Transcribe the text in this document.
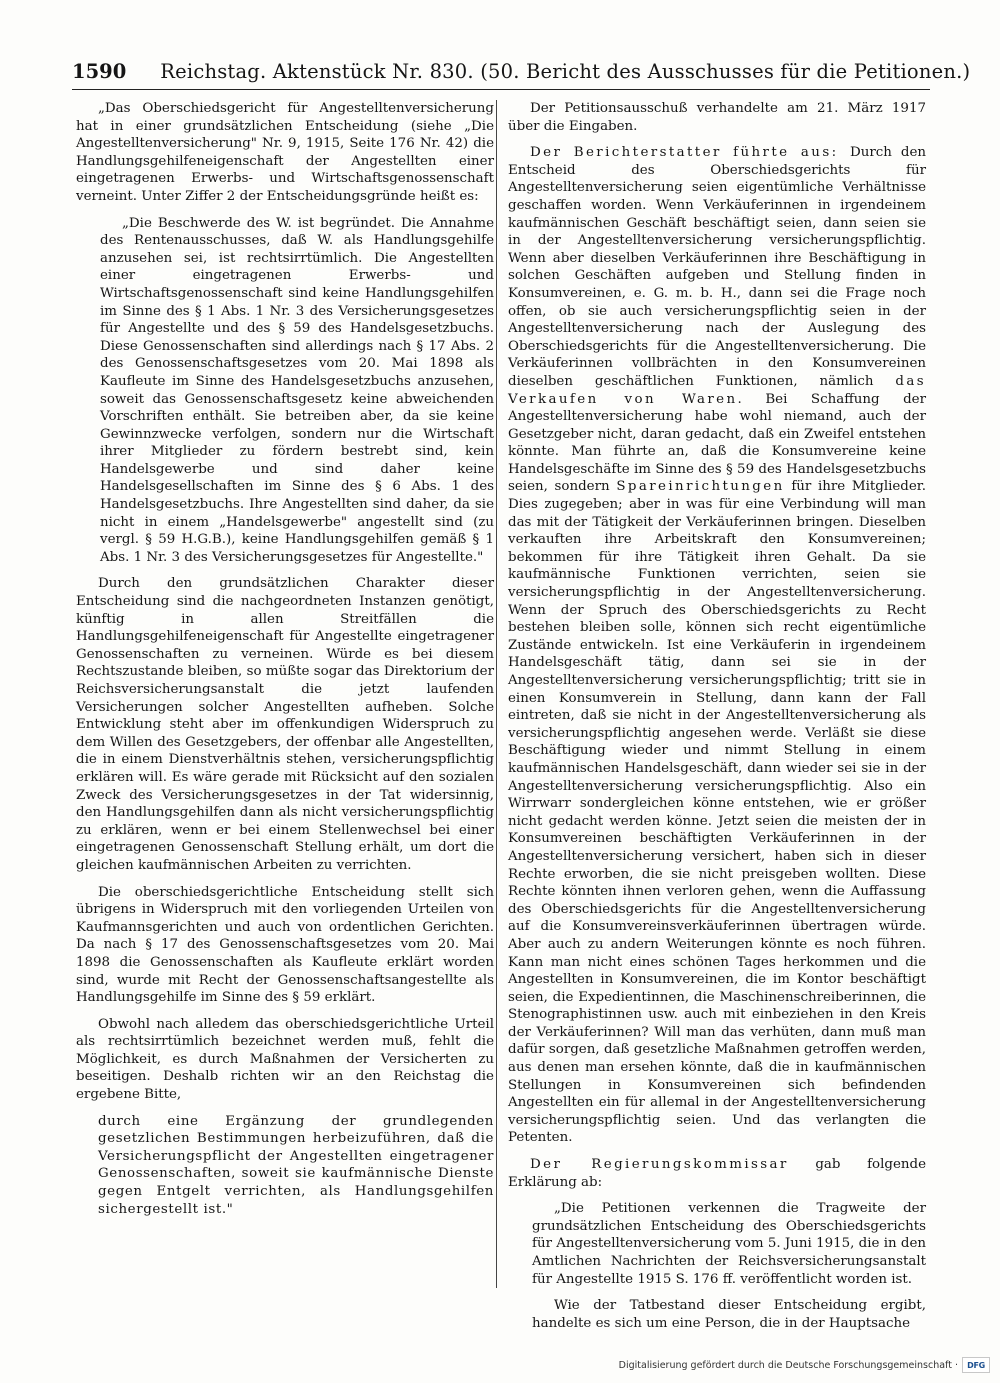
1590 Reichstag. Aktenstück Nr. 830. (50. Bericht des Ausschusses für die Petitionen.)

„Das Oberschiedsgericht für Angestelltenversicherung hat in einer grundsätzlichen Entscheidung (siehe „Die Angestelltenversicherung" Nr. 9, 1915, Seite 176 Nr. 42) die Handlungsgehilfeneigenschaft der Angestellten einer eingetragenen Erwerbs- und Wirtschaftsgenossenschaft verneint. Unter Ziffer 2 der Entscheidungsgründe heißt es:

„Die Beschwerde des W. ist begründet. Die Annahme des Rentenausschusses, daß W. als Handlungsgehilfe anzusehen sei, ist rechtsirrtümlich. Die Angestellten einer eingetragenen Erwerbs- und Wirtschaftsgenossenschaft sind keine Handlungsgehilfen im Sinne des § 1 Abs. 1 Nr. 3 des Versicherungsgesetzes für Angestellte und des § 59 des Handelsgesetzbuchs. Diese Genossenschaften sind allerdings nach § 17 Abs. 2 des Genossenschaftsgesetzes vom 20. Mai 1898 als Kaufleute im Sinne des Handelsgesetzbuchs anzusehen, soweit das Genossenschaftsgesetz keine abweichenden Vorschriften enthält. Sie betreiben aber, da sie keine Gewinnzwecke verfolgen, sondern nur die Wirtschaft ihrer Mitglieder zu fördern bestrebt sind, kein Handelsgewerbe und sind daher keine Handelsgesellschaften im Sinne des § 6 Abs. 1 des Handelsgesetzbuchs. Ihre Angestellten sind daher, da sie nicht in einem „Handelsgewerbe" angestellt sind (zu vergl. § 59 H.G.B.), keine Handlungsgehilfen gemäß § 1 Abs. 1 Nr. 3 des Versicherungsgesetzes für Angestellte."

Durch den grundsätzlichen Charakter dieser Entscheidung sind die nachgeordneten Instanzen genötigt, künftig in allen Streitfällen die Handlungsgehilfeneigenschaft für Angestellte eingetragener Genossenschaften zu verneinen. Würde es bei diesem Rechtszustande bleiben, so müßte sogar das Direktorium der Reichsversicherungsanstalt die jetzt laufenden Versicherungen solcher Angestellten aufheben. Solche Entwicklung steht aber im offenkundigen Widerspruch zu dem Willen des Gesetzgebers, der offenbar alle Angestellten, die in einem Dienstverhältnis stehen, versicherungspflichtig erklären will. Es wäre gerade mit Rücksicht auf den sozialen Zweck des Versicherungsgesetzes in der Tat widersinnig, den Handlungsgehilfen dann als nicht versicherungspflichtig zu erklären, wenn er bei einem Stellenwechsel bei einer eingetragenen Genossenschaft Stellung erhält, um dort die gleichen kaufmännischen Arbeiten zu verrichten.

Die oberschiedsgerichtliche Entscheidung stellt sich übrigens in Widerspruch mit den vorliegenden Urteilen von Kaufmannsgerichten und auch von ordentlichen Gerichten. Da nach § 17 des Genossenschaftsgesetzes vom 20. Mai 1898 die Genossenschaften als Kaufleute erklärt worden sind, wurde mit Recht der Genossenschaftsangestellte als Handlungsgehilfe im Sinne des § 59 erklärt.

Obwohl nach alledem das oberschiedsgerichtliche Urteil als rechtsirrtümlich bezeichnet werden muß, fehlt die Möglichkeit, es durch Maßnahmen der Versicherten zu beseitigen. Deshalb richten wir an den Reichstag die ergebene Bitte,

durch eine Ergänzung der grundlegenden gesetzlichen Bestimmungen herbeizuführen, daß die Versicherungspflicht der Angestellten eingetragener Genossenschaften, soweit sie kaufmännische Dienste gegen Entgelt verrichten, als Handlungsgehilfen sichergestellt ist."

Der Petitionsausschuß verhandelte am 21. März 1917 über die Eingaben.

Der Berichterstatter führte aus: Durch den Entscheid des Oberschiedsgerichts für Angestelltenversicherung seien eigentümliche Verhältnisse geschaffen worden. Wenn Verkäuferinnen in irgendeinem kaufmännischen Geschäft beschäftigt seien, dann seien sie in der Angestelltenversicherung versicherungspflichtig. Wenn aber dieselben Verkäuferinnen ihre Beschäftigung in solchen Geschäften aufgeben und Stellung finden in Konsumvereinen, e. G. m. b. H., dann sei die Frage noch offen, ob sie auch versicherungspflichtig seien in der Angestelltenversicherung nach der Auslegung des Oberschiedsgerichts für die Angestelltenversicherung. Die Verkäuferinnen vollbrächten in den Konsumvereinen dieselben geschäftlichen Funktionen, nämlich das Verkaufen von Waren. Bei Schaffung der Angestelltenversicherung habe wohl niemand, auch der Gesetzgeber nicht, daran gedacht, daß ein Zweifel entstehen könnte. Man führte an, daß die Konsumvereine keine Handelsgeschäfte im Sinne des § 59 des Handelsgesetzbuchs seien, sondern Spareinrichtungen für ihre Mitglieder. Dies zugegeben; aber in was für eine Verbindung will man das mit der Tätigkeit der Verkäuferinnen bringen. Dieselben verkauften ihre Arbeitskraft den Konsumvereinen; bekommen für ihre Tätigkeit ihren Gehalt. Da sie kaufmännische Funktionen verrichten, seien sie versicherungspflichtig in der Angestelltenversicherung. Wenn der Spruch des Oberschiedsgerichts zu Recht bestehen bleiben solle, können sich recht eigentümliche Zustände entwickeln. Ist eine Verkäuferin in irgendeinem Handelsgeschäft tätig, dann sei sie in der Angestelltenversicherung versicherungspflichtig; tritt sie in einen Konsumverein in Stellung, dann kann der Fall eintreten, daß sie nicht in der Angestelltenversicherung als versicherungspflichtig angesehen werde. Verläßt sie diese Beschäftigung wieder und nimmt Stellung in einem kaufmännischen Handelsgeschäft, dann wieder sei sie in der Angestelltenversicherung versicherungspflichtig. Also ein Wirrwarr sondergleichen könne entstehen, wie er größer nicht gedacht werden könne. Jetzt seien die meisten der in Konsumvereinen beschäftigten Verkäuferinnen in der Angestelltenversicherung versichert, haben sich in dieser Rechte erworben, die sie nicht preisgeben wollten. Diese Rechte könnten ihnen verloren gehen, wenn die Auffassung des Oberschiedsgerichts für die Angestelltenversicherung auf die Konsumvereinsverkäuferinnen übertragen würde. Aber auch zu andern Weiterungen könnte es noch führen. Kann man nicht eines schönen Tages herkommen und die Angestellten in Konsumvereinen, die im Kontor beschäftigt seien, die Expedientinnen, die Maschinenschreiberinnen, die Stenographistinnen usw. auch mit einbeziehen in den Kreis der Verkäuferinnen? Will man das verhüten, dann muß man dafür sorgen, daß gesetzliche Maßnahmen getroffen werden, aus denen man ersehen könnte, daß die in kaufmännischen Stellungen in Konsumvereinen sich befindenden Angestellten ein für allemal in der Angestelltenversicherung versicherungspflichtig seien. Und das verlangten die Petenten.

Der Regierungskommissar gab folgende Erklärung ab:

„Die Petitionen verkennen die Tragweite der grundsätzlichen Entscheidung des Oberschiedsgerichts für Angestelltenversicherung vom 5. Juni 1915, die in den Amtlichen Nachrichten der Reichsversicherungsanstalt für Angestellte 1915 S. 176 ff. veröffentlicht worden ist.

Wie der Tatbestand dieser Entscheidung ergibt, handelte es sich um eine Person, die in der Hauptsache

Digitalisierung gefördert durch die Deutsche Forschungsgemeinschaft ·	DFG
